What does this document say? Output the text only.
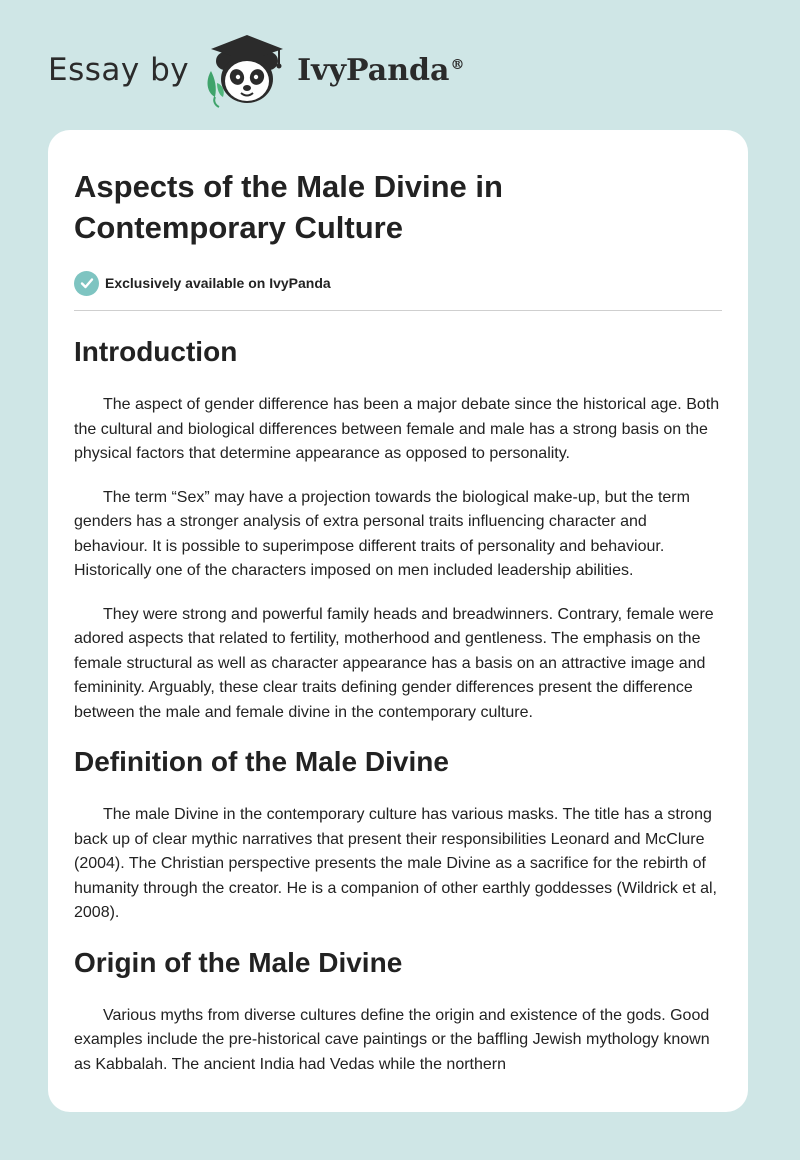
Essay by	IvyPanda®
Aspects of the Male Divine in Contemporary Culture
Exclusively available on IvyPanda
Introduction

The aspect of gender difference has been a major debate since the historical age. Both the cultural and biological differences between female and male has a strong basis on the physical factors that determine appearance as opposed to personality.

The term “Sex” may have a projection towards the biological make-up, but the term genders has a stronger analysis of extra personal traits influencing character and behaviour. It is possible to superimpose different traits of personality and behaviour. Historically one of the characters imposed on men included leadership abilities.

They were strong and powerful family heads and breadwinners. Contrary, female were adored aspects that related to fertility, motherhood and gentleness. The emphasis on the female structural as well as character appearance has a basis on an attractive image and femininity. Arguably, these clear traits defining gender differences present the difference between the male and female divine in the contemporary culture.

Definition of the Male Divine

The male Divine in the contemporary culture has various masks. The title has a strong back up of clear mythic narratives that present their responsibilities Leonard and McClure (2004). The Christian perspective presents the male Divine as a sacrifice for the rebirth of humanity through the creator. He is a companion of other earthly goddesses (Wildrick et al, 2008).

Origin of the Male Divine

Various myths from diverse cultures define the origin and existence of the gods. Good examples include the pre-historical cave paintings or the baffling Jewish mythology known as Kabbalah. The ancient India had Vedas while the northern
